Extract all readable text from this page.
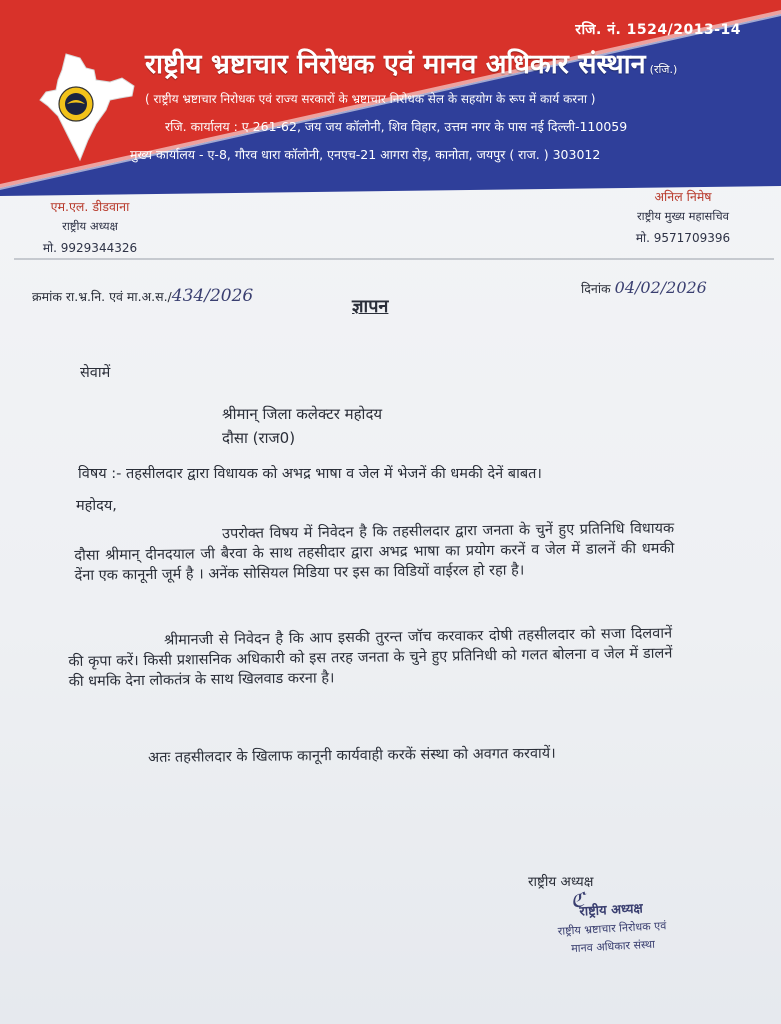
रजि. नं. 1524/2013-14
राष्ट्रीय भ्रष्टाचार निरोधक एवं मानव अधिकार संस्थान (रजि.)
( राष्ट्रीय भ्रष्टाचार निरोधक एवं राज्य सरकारों के भ्रष्टाचार निरोधक सेल के सहयोग के रूप में कार्य करना )
रजि. कार्यालय : ए 261-62, जय जय कॉलोनी, शिव विहार, उत्तम नगर के पास नई दिल्ली-110059
मुख्य कार्यालय - ए-8, गौरव धारा कॉलोनी, एनएच-21 आगरा रोड़, कानोता, जयपुर ( राज. ) 303012
एम.एल. डीडवाना
राष्ट्रीय अध्यक्ष
मो. 9929344326
अनिल निमेष
राष्ट्रीय मुख्य महासचिव
मो. 9571709396
क्रमांक रा.भ्र.नि. एवं मा.अ.स./434/2026	दिनांक 04/02/2026
ज्ञापन
सेवामें
श्रीमान् जिला कलेक्टर महोदय
दौसा (राज0)
विषय :- तहसीलदार द्वारा विधायक को अभद्र भाषा व जेल में भेजनें की धमकी देनें बाबत।
महोदय,
उपरोक्त विषय में निवेदन है कि तहसीलदार द्वारा जनता के चुनें हुए प्रतिनिधि विधायक दौसा श्रीमान् दीनदयाल जी बैरवा के साथ तहसीदार द्वारा अभद्र भाषा का प्रयोग करनें व जेल में डालनें की धमकी देंना एक कानूनी जूर्म है । अनेंक सोसियल मिडिया पर इस का विडियों वाईरल हो रहा है।
श्रीमानजी से निवेदन है कि आप इसकी तुरन्त जॉच करवाकर दोषी तहसीलदार को सजा दिलवानें की कृपा करें। किसी प्रशासनिक अधिकारी को इस तरह जनता के चुने हुए प्रतिनिधी को गलत बोलना व जेल में डालनें की धमकि देना लोकतंत्र के साथ खिलवाड करना है।
अतः तहसीलदार के खिलाफ कानूनी कार्यवाही करकें संस्था को अवगत करवायें।
राष्ट्रीय अध्यक्ष
ℭ
राष्ट्रीय अध्यक्ष
राष्ट्रीय भ्रष्टाचार निरोधक एवं
मानव अधिकार संस्था
